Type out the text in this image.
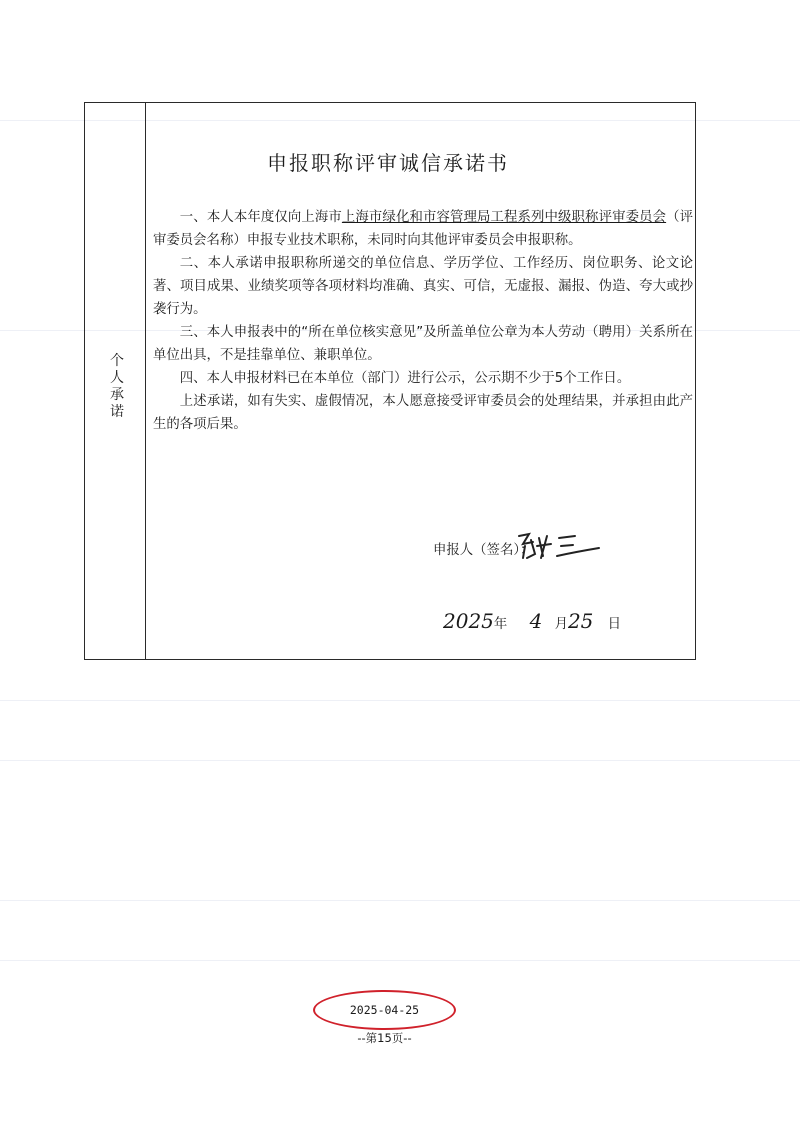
个人承诺
申报职称评审诚信承诺书

一、本人本年度仅向上海市上海市绿化和市容管理局工程系列中级职称评审委员会（评审委员会名称）申报专业技术职称，未同时向其他评审委员会申报职称。

二、本人承诺申报职称所递交的单位信息、学历学位、工作经历、岗位职务、论文论著、项目成果、业绩奖项等各项材料均准确、真实、可信，无虚报、漏报、伪造、夸大或抄袭行为。

三、本人申报表中的“所在单位核实意见”及所盖单位公章为本人劳动（聘用）关系所在单位出具，不是挂靠单位、兼职单位。

四、本人申报材料已在本单位（部门）进行公示，公示期不少于5个工作日。

上述承诺，如有失实、虚假情况，本人愿意接受评审委员会的处理结果，并承担由此产生的各项后果。

申报人（签名）：
2025年 4 月25 日
2025-04-25
--第15页--
